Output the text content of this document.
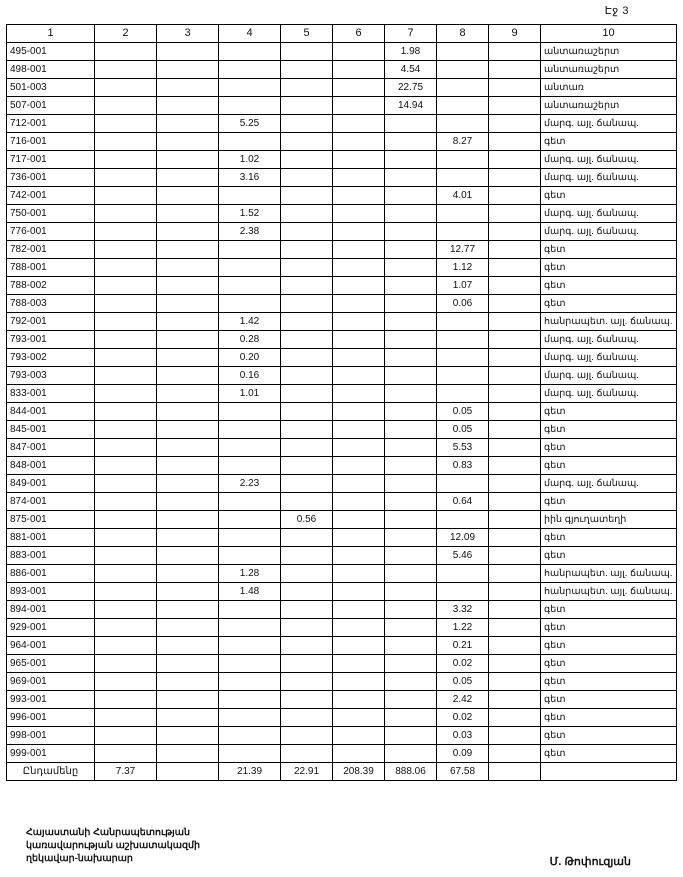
Էջ 3
1	2	3	4	5	6	7	8	9	10
495-001						1.98			անտառաշերտ
498-001						4.54			անտառաշերտ
501-003						22.75			անտառ
507-001						14.94			անտառաշերտ
712-001			5.25						մարգ. այլ. ճանապ.
716-001							8.27		գետ
717-001			1.02						մարգ. այլ. ճանապ.
736-001			3.16						մարգ. այլ. ճանապ.
742-001							4.01		գետ
750-001			1.52						մարգ. այլ. ճանապ.
776-001			2.38						մարգ. այլ. ճանապ.
782-001							12.77		գետ
788-001							1.12		գետ
788-002							1.07		գետ
788-003							0.06		գետ
792-001			1.42						հանրապետ. այլ. ճանապ.
793-001			0.28						մարգ. այլ. ճանապ.
793-002			0.20						մարգ. այլ. ճանապ.
793-003			0.16						մարգ. այլ. ճանապ.
833-001			1.01						մարգ. այլ. ճանապ.
844-001							0.05		գետ
845-001							0.05		գետ
847-001							5.53		գետ
848-001							0.83		գետ
849-001			2.23						մարգ. այլ. ճանապ.
874-001							0.64		գետ
875-001				0.56					իին գյուղատեղի
881-001							12.09		գետ
883-001							5.46		գետ
886-001			1.28						հանրապետ. այլ. ճանապ.
893-001			1.48						հանրապետ. այլ. ճանապ.
894-001							3.32		գետ
929-001							1.22		գետ
964-001							0.21		գետ
965-001							0.02		գետ
969-001							0.05		գետ
993-001							2.42		գետ
996-001							0.02		գետ
998-001							0.03		գետ
999-001							0.09		գետ
Ընդամենը	7.37		21.39	22.91	208.39	888.06	67.58		
Հայաստանի Հանրապետության
կառավարության աշխատակազմի
ղեկավար-նախարար	Մ. Թոփուզյան
